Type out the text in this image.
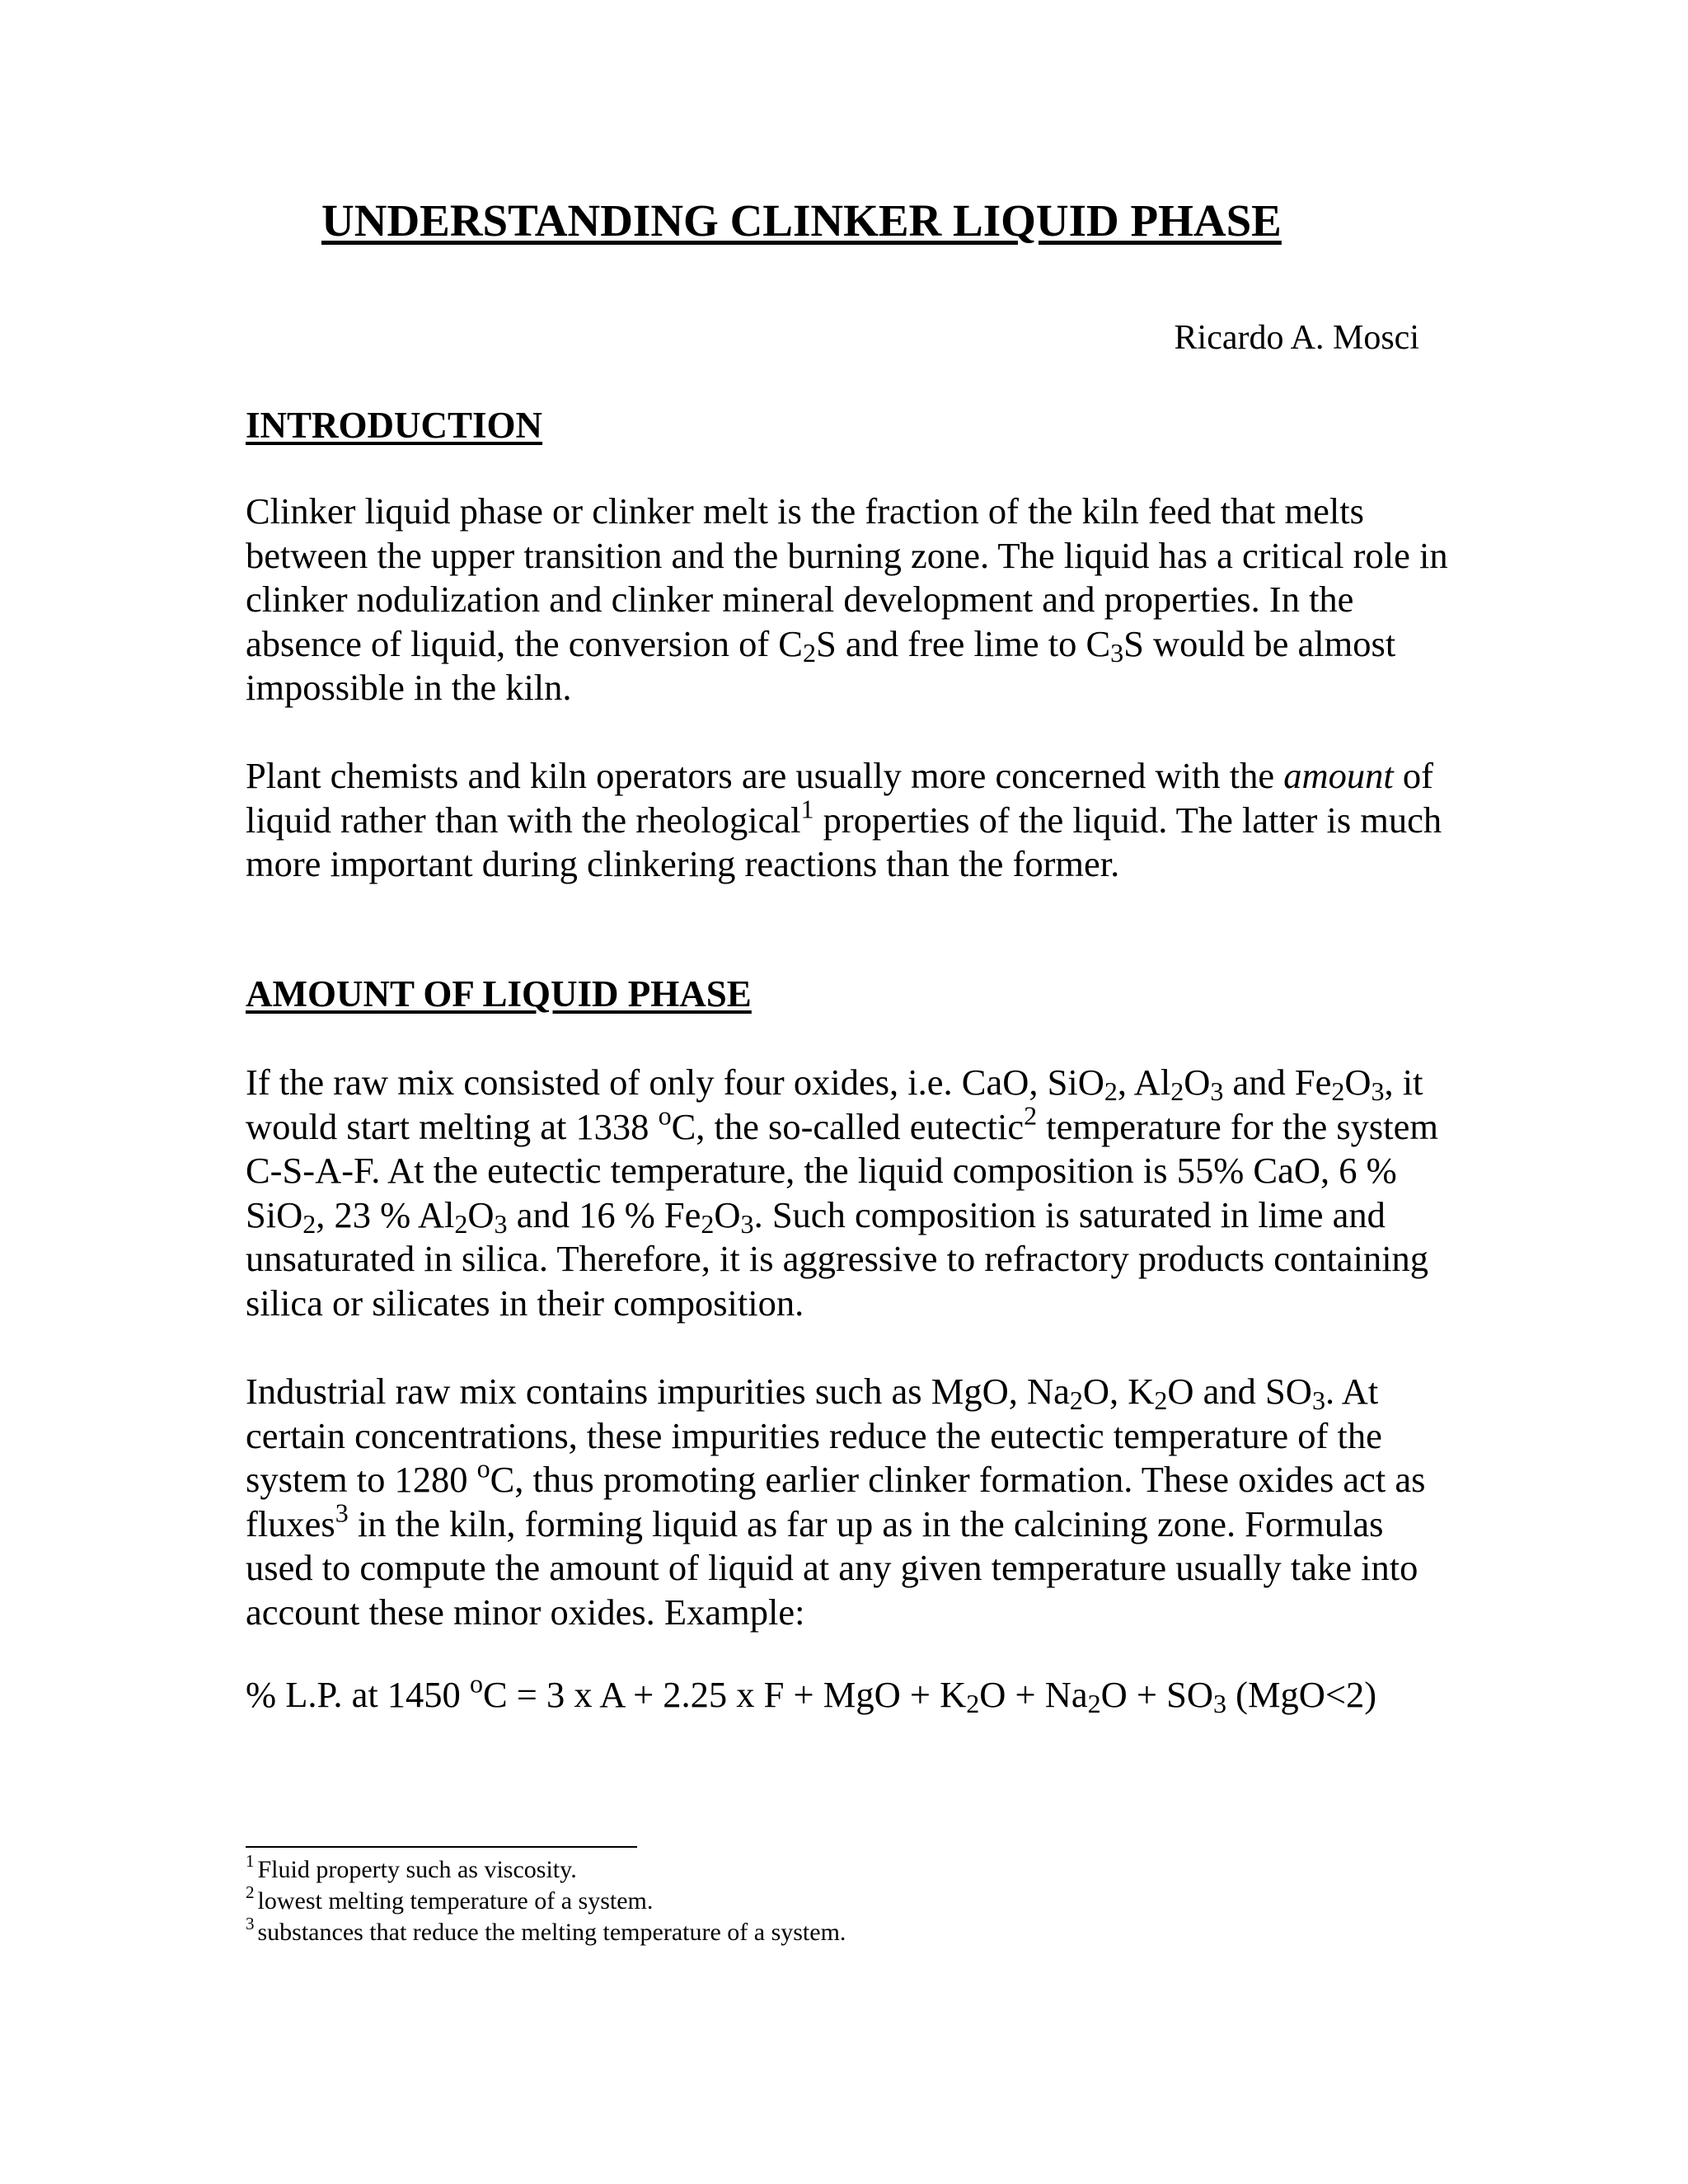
UNDERSTANDING CLINKER LIQUID PHASE
Ricardo A. Mosci
INTRODUCTION

Clinker liquid phase or clinker melt is the fraction of the kiln feed that melts between the upper transition and the burning zone. The liquid has a critical role in clinker nodulization and clinker mineral development and properties. In the absence of liquid, the conversion of $C_2S$ and free lime to $C_3S$ would be almost impossible in the kiln.

Plant chemists and kiln operators are usually more concerned with the amount of liquid rather than with the rheological$^1$ properties of the liquid. The latter is much more important during clinkering reactions than the former.

AMOUNT OF LIQUID PHASE

If the raw mix consisted of only four oxides, i.e. CaO, SiO$_2$, $Al_2O_3$ and $Fe_2O_3$, it would start melting at 1338 $^o$C, the so-called eutectic$^2$ temperature for the system C-S-A-F. At the eutectic temperature, the liquid composition is 55% CaO, 6 % SiO$_2$, 23 % $Al_2O_3$ and 16 % $Fe_2O_3$. Such composition is saturated in lime and unsaturated in silica. Therefore, it is aggressive to refractory products containing silica or silicates in their composition.

Industrial raw mix contains impurities such as MgO, $Na_2O$, $K_2O$ and $SO_3$. At certain concentrations, these impurities reduce the eutectic temperature of the system to 1280 $^o$C, thus promoting earlier clinker formation. These oxides act as fluxes$^3$ in the kiln, forming liquid as far up as in the calcining zone. Formulas used to compute the amount of liquid at any given temperature usually take into account these minor oxides. Example:

% L.P. at 1450 $^o$C = 3 x A + 2.25 x F + MgO + $K_2O + Na_2O + SO_3$ (MgO<2)

$^1$ Fluid property such as viscosity.
$^2$ lowest melting temperature of a system.
$^3$ substances that reduce the melting temperature of a system.
